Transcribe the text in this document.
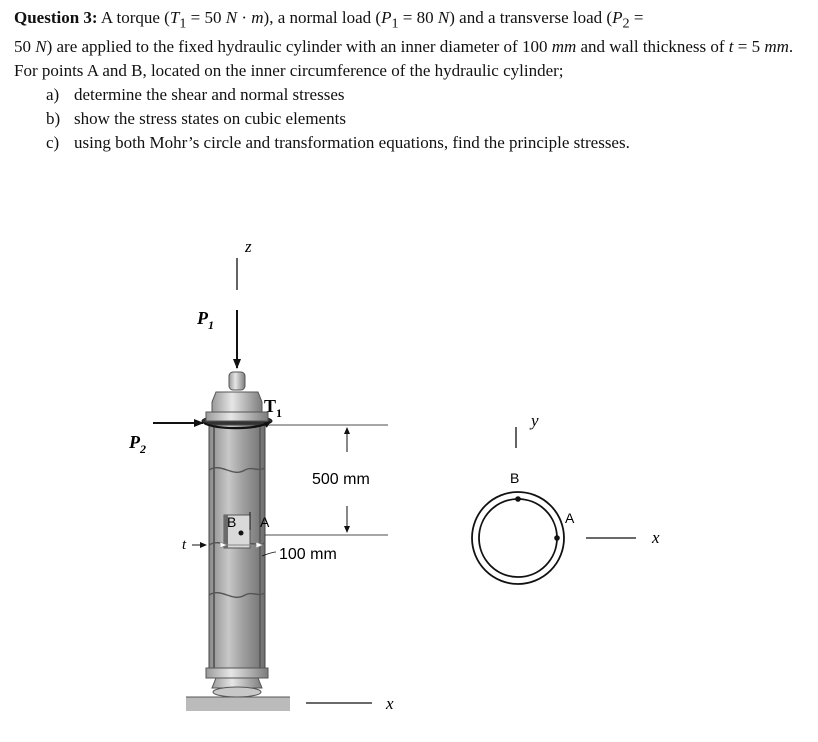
Question 3: A torque ($T_1 = 50$ N · m), a normal load ($P_1 = 80$ N) and a transverse load ($P_2$ =
50 N) are applied to the fixed hydraulic cylinder with an inner diameter of 100 mm and wall thickness of t = 5 mm. For points A and B, located on the inner circumference of the hydraulic cylinder;

a) determine the shear and normal stresses
b) show the stress states on cubic elements
c) using both Mohr’s circle and transformation equations, find the principle stresses.
z
$P_1$
$T_1$
$P_2$
500 mm
B A
t
100 mm
x
y
B
A
x
